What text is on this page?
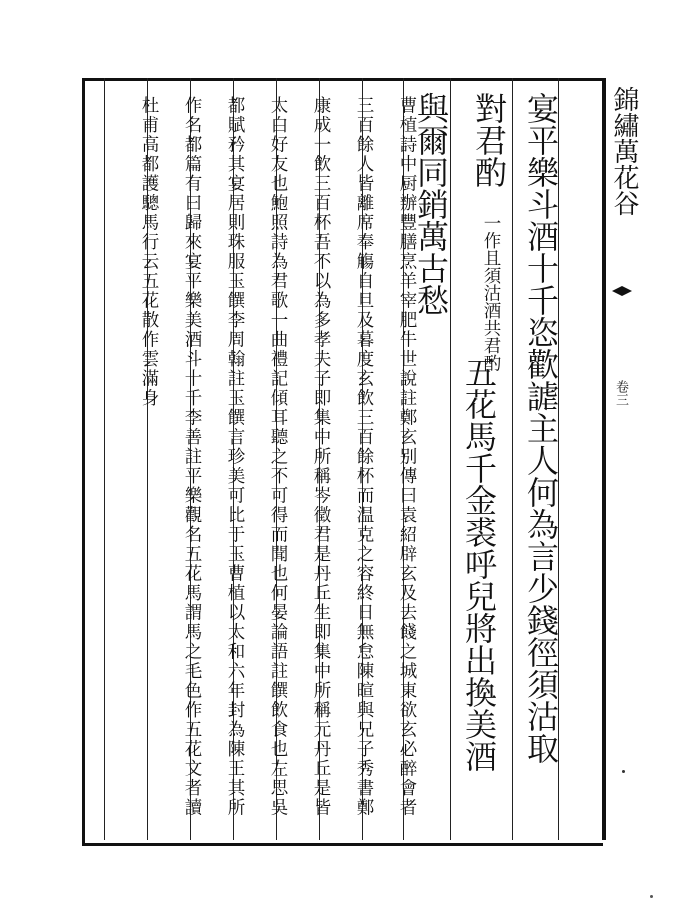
宴平樂斗酒十千恣歡謔主人何為言少錢徑須沽取
對君酌
一作且須沽酒共君酌
五花馬千金裘呼兒將出換美酒
與爾同銷萬古愁
曹植詩中厨辦豐膳烹羊宰肥牛世說註鄭玄别傳曰袁紹辟玄及去餞之城東欲玄必醉會者三百餘人皆離席奉觴自旦及暮度玄飲三百餘杯而温克之容終日無怠陳暄與兄子秀書鄭康成一飲三百杯吾不以為多孝夫子即集中所稱岑徵君是丹丘生即集中所稱元丹丘是皆太白好友也鮑照詩為君歌一曲禮記傾耳聽之不可得而聞也何晏論語註饌飲食也左思吳都賦矜其宴居則珠服玉饌李周翰註玉饌言珍美可比于玉曹植以太和六年封為陳王其所作名都篇有曰歸來宴平樂美酒斗十千李善註平樂觀名五花馬謂馬之毛色作五花文者讀杜甫高都護驄馬行云五花散作雲滿身	錦繡萬花谷
卷三
